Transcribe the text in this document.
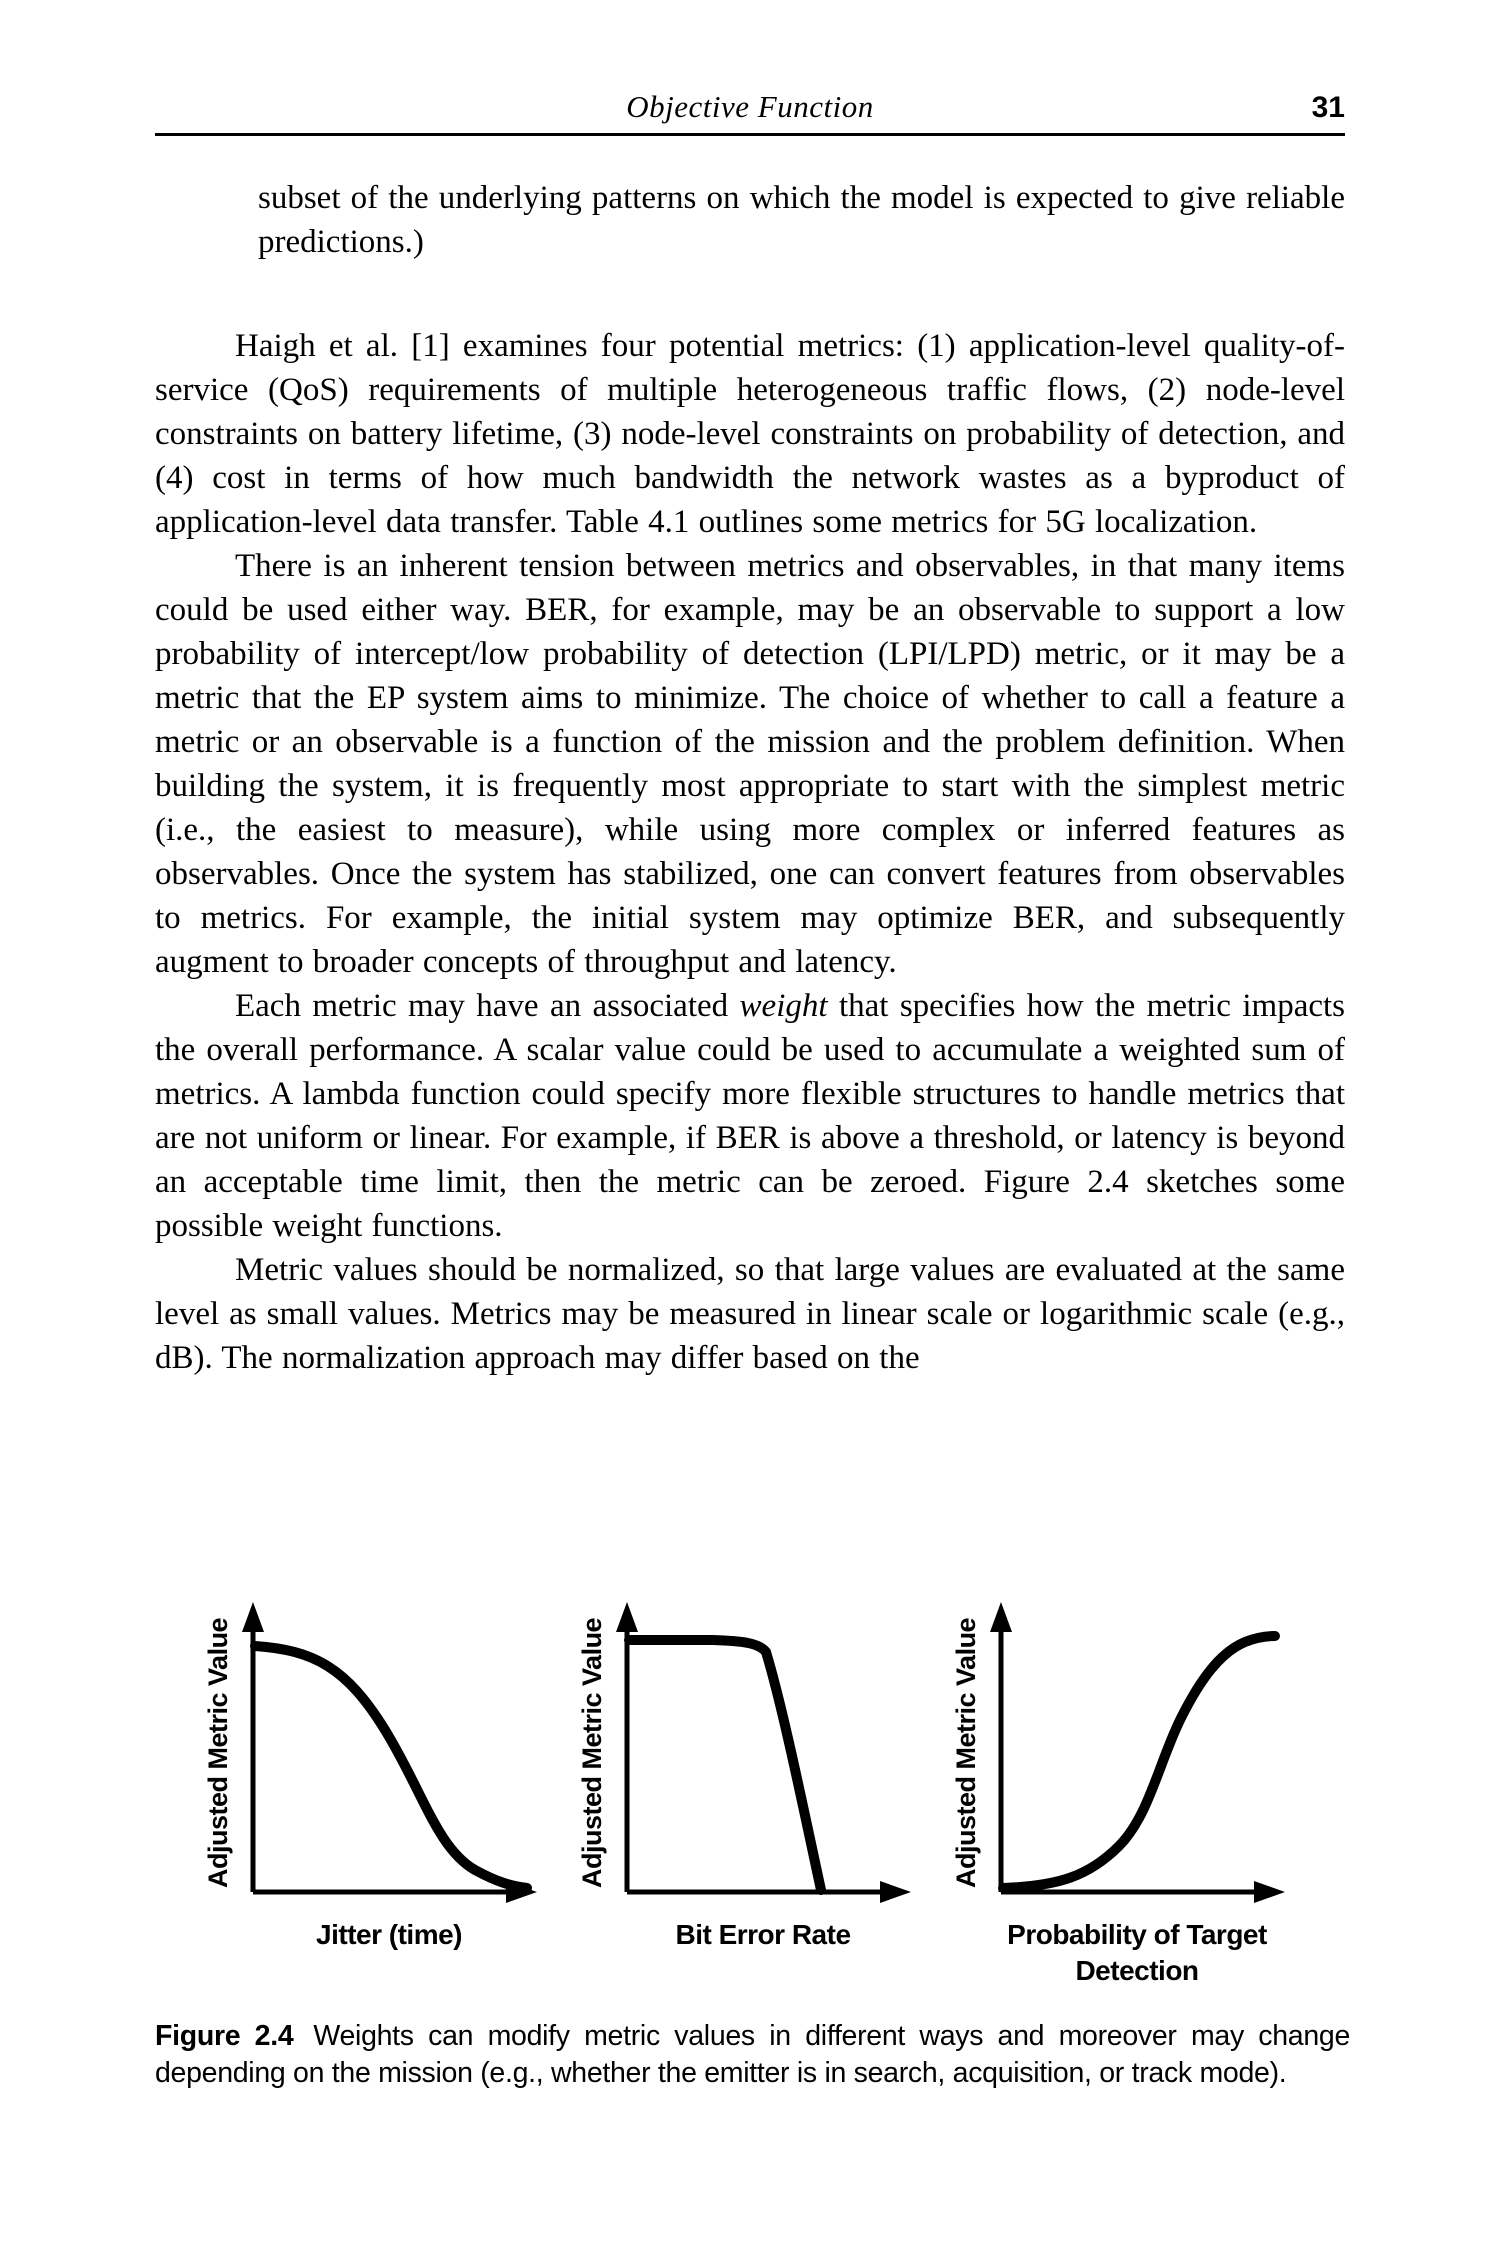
Objective Function	31
subset of the underlying patterns on which the model is expected to give reliable predictions.)

Haigh et al. [1] examines four potential metrics: (1) application-level quality-of-service (QoS) requirements of multiple heterogeneous traffic flows, (2) node-level constraints on battery lifetime, (3) node-level constraints on probability of detection, and (4) cost in terms of how much bandwidth the network wastes as a byproduct of application-level data transfer. Table 4.1 outlines some metrics for 5G localization.

There is an inherent tension between metrics and observables, in that many items could be used either way. BER, for example, may be an observable to support a low probability of intercept/low probability of detection (LPI/LPD) metric, or it may be a metric that the EP system aims to minimize. The choice of whether to call a feature a metric or an observable is a function of the mission and the problem definition. When building the system, it is frequently most appropriate to start with the simplest metric (i.e., the easiest to measure), while using more complex or inferred features as observables. Once the system has stabilized, one can convert features from observables to metrics. For example, the initial system may optimize BER, and subsequently augment to broader concepts of throughput and latency.

Each metric may have an associated weight that specifies how the metric impacts the overall performance. A scalar value could be used to accumulate a weighted sum of metrics. A lambda function could specify more flexible structures to handle metrics that are not uniform or linear. For example, if BER is above a threshold, or latency is beyond an acceptable time limit, then the metric can be zeroed. Figure 2.4 sketches some possible weight functions.

Metric values should be normalized, so that large values are evaluated at the same level as small values. Metrics may be measured in linear scale or logarithmic scale (e.g., dB). The normalization approach may differ based on the

Adjusted Metric Value
Jitter (time)
Adjusted Metric Value
Bit Error Rate
Adjusted Metric Value
Probability of Target Detection
Figure 2.4 Weights can modify metric values in different ways and moreover may change depending on the mission (e.g., whether the emitter is in search, acquisition, or track mode).
